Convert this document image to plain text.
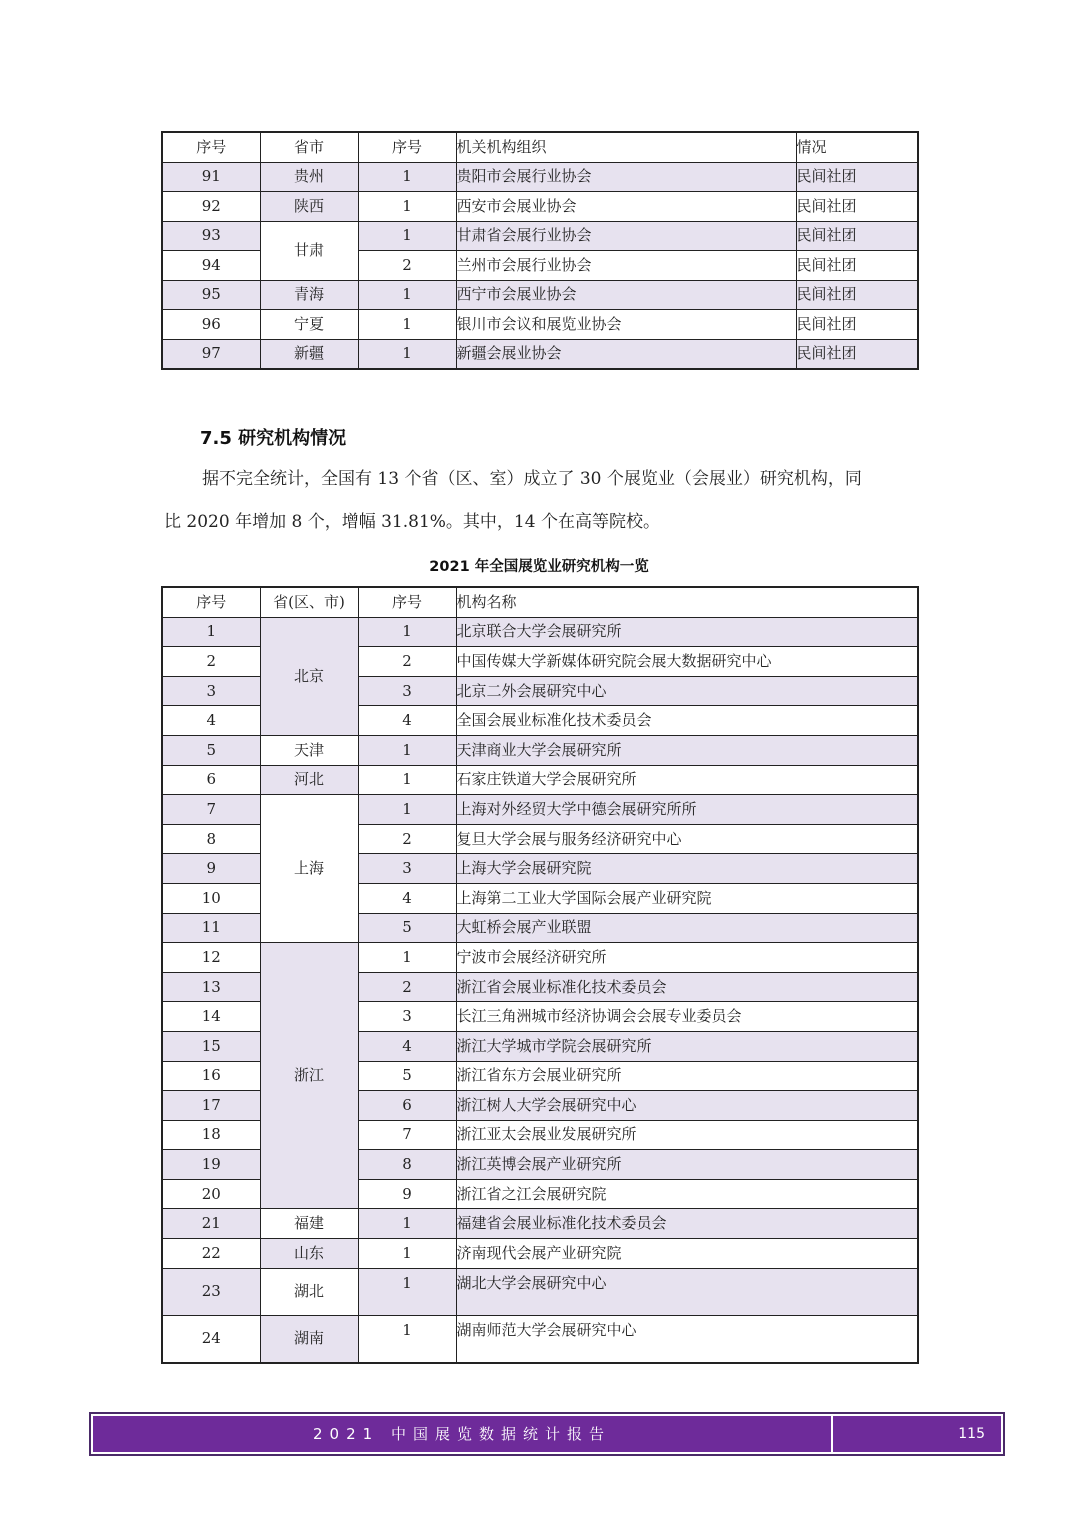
序号	省市	序号	机关机构组织	情况
91	贵州	1	贵阳市会展行业协会	民间社团
92	陕西	1	西安市会展业协会	民间社团
93	甘肃	1	甘肃省会展行业协会	民间社团
94		2	兰州市会展行业协会	民间社团
95	青海	1	西宁市会展业协会	民间社团
96	宁夏	1	银川市会议和展览业协会	民间社团
97	新疆	1	新疆会展业协会	民间社团
7.5 研究机构情况

据不完全统计，全国有 13 个省（区、室）成立了 30 个展览业（会展业）研究机构，同

比 2020 年增加 8 个，增幅 31.81%。其中，14 个在高等院校。

2021 年全国展览业研究机构一览

序号	省(区、市)	序号	机构名称
1	北京	1	北京联合大学会展研究所
2		2	中国传媒大学新媒体研究院会展大数据研究中心
3		3	北京二外会展研究中心
4		4	全国会展业标准化技术委员会
5	天津	1	天津商业大学会展研究所
6	河北	1	石家庄铁道大学会展研究所
7	上海	1	上海对外经贸大学中德会展研究所所
8		2	复旦大学会展与服务经济研究中心
9		3	上海大学会展研究院
10		4	上海第二工业大学国际会展产业研究院
11		5	大虹桥会展产业联盟
12	浙江	1	宁波市会展经济研究所
13		2	浙江省会展业标准化技术委员会
14		3	长江三角洲城市经济协调会会展专业委员会
15		4	浙江大学城市学院会展研究所
16		5	浙江省东方会展业研究所
17		6	浙江树人大学会展研究中心
18		7	浙江亚太会展业发展研究所
19		8	浙江英博会展产业研究所
20		9	浙江省之江会展研究院
21	福建	1	福建省会展业标准化技术委员会
22	山东	1	济南现代会展产业研究院
23	湖北	1	湖北大学会展研究中心
24	湖南	1	湖南师范大学会展研究中心
2021 中国展览数据统计报告	115
